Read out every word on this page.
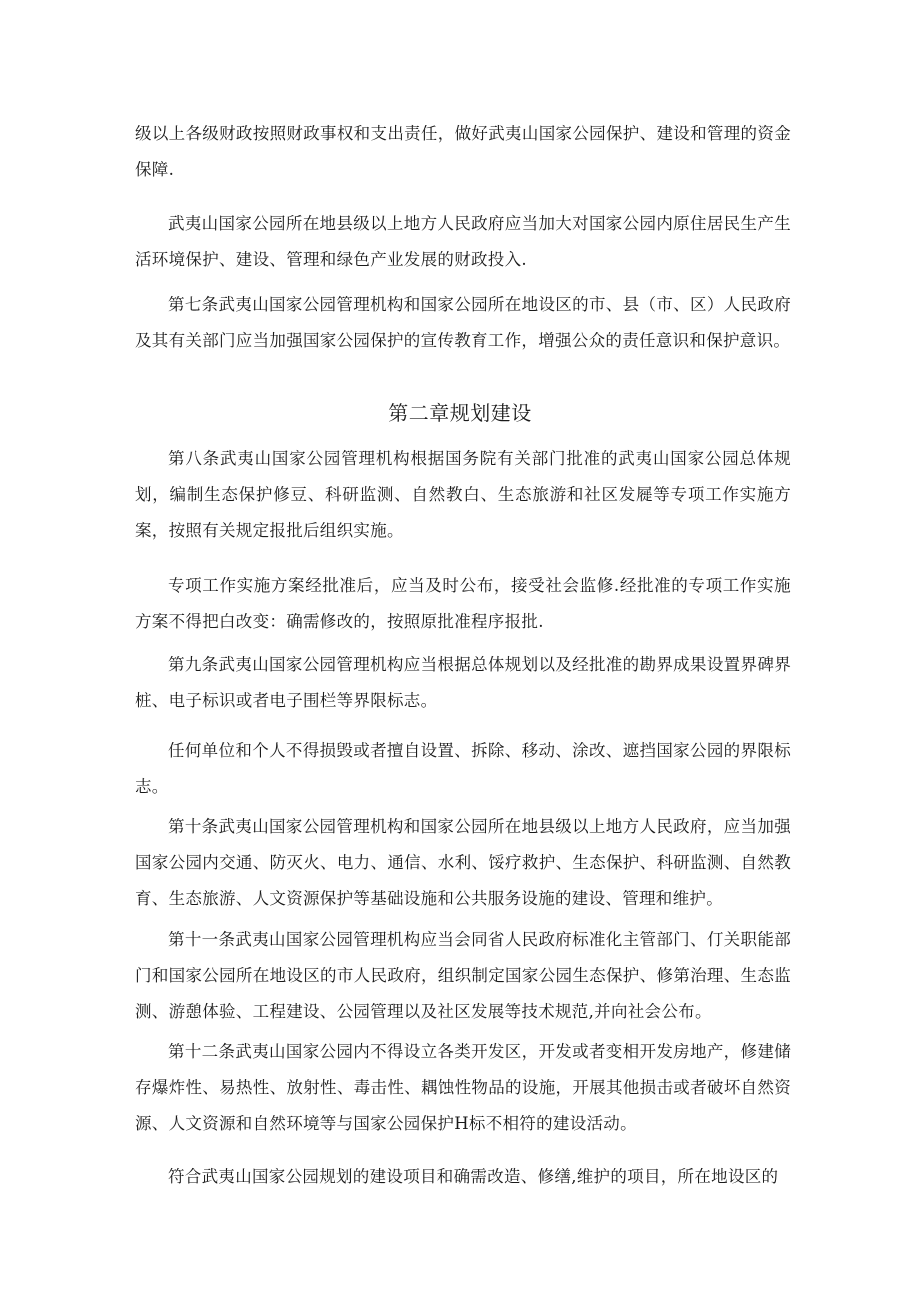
级以上各级财政按照财政事权和支出责任，做好武夷山国家公园保护、建设和管理的资金保障.

武夷山国家公园所在地县级以上地方人民政府应当加大对国家公园内原住居民生产生活环境保护、建设、管理和绿色产业发展的财政投入.

第七条武夷山国家公园管理机构和国家公园所在地设区的市、县（市、区）人民政府及其有关部门应当加强国家公园保护的宣传教育工作，增强公众的责任意识和保护意识。

第二章规划建设

第八条武夷山国家公园管理机构根据国务院有关部门批准的武夷山国家公园总体规划，编制生态保护修豆、科研监测、自然教白、生态旅游和社区发屣等专项工作实施方案，按照有关规定报批后组织实施。

专项工作实施方案经批准后，应当及时公布，接受社会监修.经批准的专项工作实施方案不得把白改变：确需修改的，按照原批准程序报批.

第九条武夷山国家公园管理机构应当根据总体规划以及经批准的勘界成果设置界碑界桩、电子标识或者电子围栏等界限标志。

任何单位和个人不得损毁或者擅自设置、拆除、移动、涂改、遮挡国家公园的界限标志。

第十条武夷山国家公园管理机构和国家公园所在地县级以上地方人民政府，应当加强国家公园内交通、防灭火、电力、通信、水利、馁疗救护、生态保护、科研监测、自然教育、生态旅游、人文资源保护等基础设施和公共服务设施的建设、管理和维护。

第十一条武夷山国家公园管理机构应当会同省人民政府标准化主管部门、仃关职能部门和国家公园所在地设区的市人民政府，组织制定国家公园生态保护、修第治理、生态监测、游憩体验、工程建设、公园管理以及社区发展等技术规范,并向社会公布。

第十二条武夷山国家公园内不得设立各类开发区，开发或者变相开发房地产，修建储存爆炸性、易热性、放射性、毒击性、耦蚀性物品的设施，开展其他损击或者破坏自然资源、人文资源和自然环境等与国家公园保护H标不相符的建设活动。

符合武夷山国家公园规划的建设项目和确需改造、修缮,维护的项目，所在地设区的
